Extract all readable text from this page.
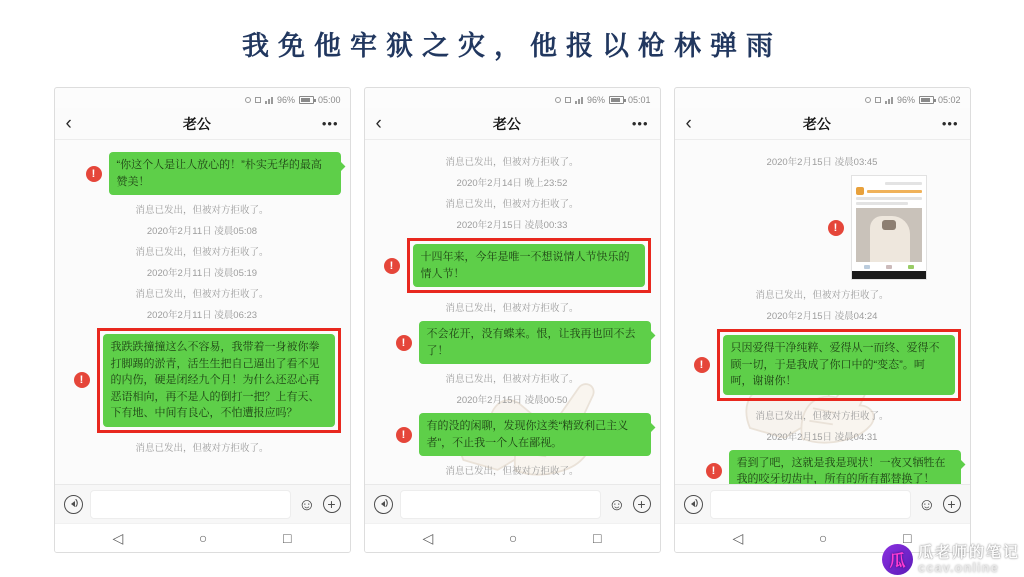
我免他牢狱之灾，他报以枪林弹雨
96%	05:00
‹	老公	•••
!
“你这个人是让人放心的！”朴实无华的最高赞美！
消息已发出，但被对方拒收了。
2020年2月11日 凌晨05:08
消息已发出，但被对方拒收了。
2020年2月11日 凌晨05:19
消息已发出，但被对方拒收了。
2020年2月11日 凌晨06:23
!
我跌跌撞撞这么不容易，我带着一身被你拳打脚踢的淤青，活生生把自己逼出了看不见的内伤，硬是闭经九个月！为什么还忍心再恶语相向，再不是人的倒打一把？上有天、下有地、中间有良心，不怕遭报应吗？
消息已发出，但被对方拒收了。
☺ +
◁	○	□
96%	05:01
‹	老公	•••
消息已发出，但被对方拒收了。
2020年2月14日 晚上23:52
消息已发出，但被对方拒收了。
2020年2月15日 凌晨00:33
!
十四年来，今年是唯一不想说情人节快乐的情人节！
消息已发出，但被对方拒收了。
!
不会花开，没有蝶来。恨，让我再也回不去了！
消息已发出，但被对方拒收了。
2020年2月15日 凌晨00:50
!
有的没的闲聊，发现你这类“精致利己主义者”，不止我一个人在鄙视。
消息已发出，但被对方拒收了。
☺ +
◁	○	□
96%	05:02
‹	老公	•••
2020年2月15日 凌晨03:45
!
消息已发出，但被对方拒收了。
2020年2月15日 凌晨04:24
!
只因爱得干净纯粹、爱得从一而终、爱得不顾一切，于是我成了你口中的“变态”。呵呵，谢谢你！
消息已发出，但被对方拒收了。
2020年2月15日 凌晨04:31
!
看到了吧，这就是我是现状！一夜又牺牲在我的咬牙切齿中，所有的所有都替换了！
☺ +
◁	○	□
瓜
瓜老师的笔记
ccav.online
